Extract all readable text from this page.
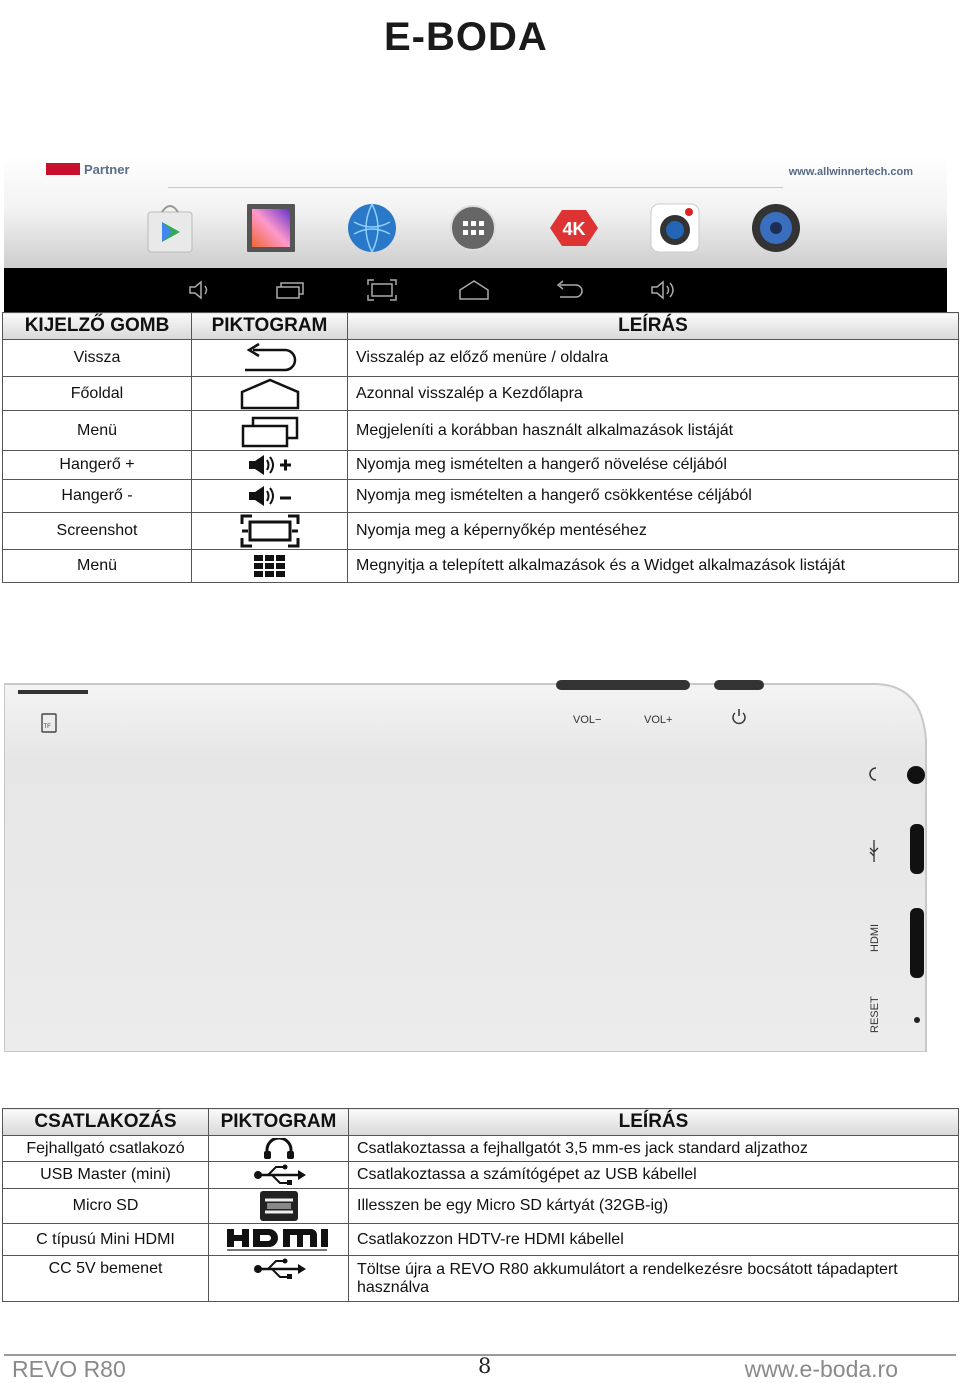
E-BODA
Partner	www.allwinnertech.com
4K
KIJELZŐ GOMB	PIKTOGRAM	LEÍRÁS
Vissza		Visszalép az előző menüre / oldalra
Főoldal		Azonnal visszalép a Kezdőlapra
Menü		Megjeleníti a korábban használt alkalmazások listáját
Hangerő +		Nyomja meg ismételten a hangerő növelése céljából
Hangerő -		Nyomja meg ismételten a hangerő csökkentése céljából
Screenshot		Nyomja meg a képernyőkép mentéséhez
Menü		Megnyitja a telepített alkalmazások és a Widget alkalmazások listáját
TF
VOL−	VOL+
HDMI
RESET
CSATLAKOZÁS	PIKTOGRAM	LEÍRÁS
Fejhallgató csatlakozó		Csatlakoztassa a fejhallgatót 3,5 mm-es jack standard aljzathoz
USB Master (mini)		Csatlakoztassa a számítógépet az USB kábellel
Micro SD		Illesszen be egy Micro SD kártyát (32GB-ig)
C típusú Mini HDMI		Csatlakozzon HDTV-re HDMI kábellel
CC 5V bemenet		Töltse újra a REVO R80 akkumulátort a rendelkezésre bocsátott tápadaptert használva
REVO R80	8	www.e-boda.ro
